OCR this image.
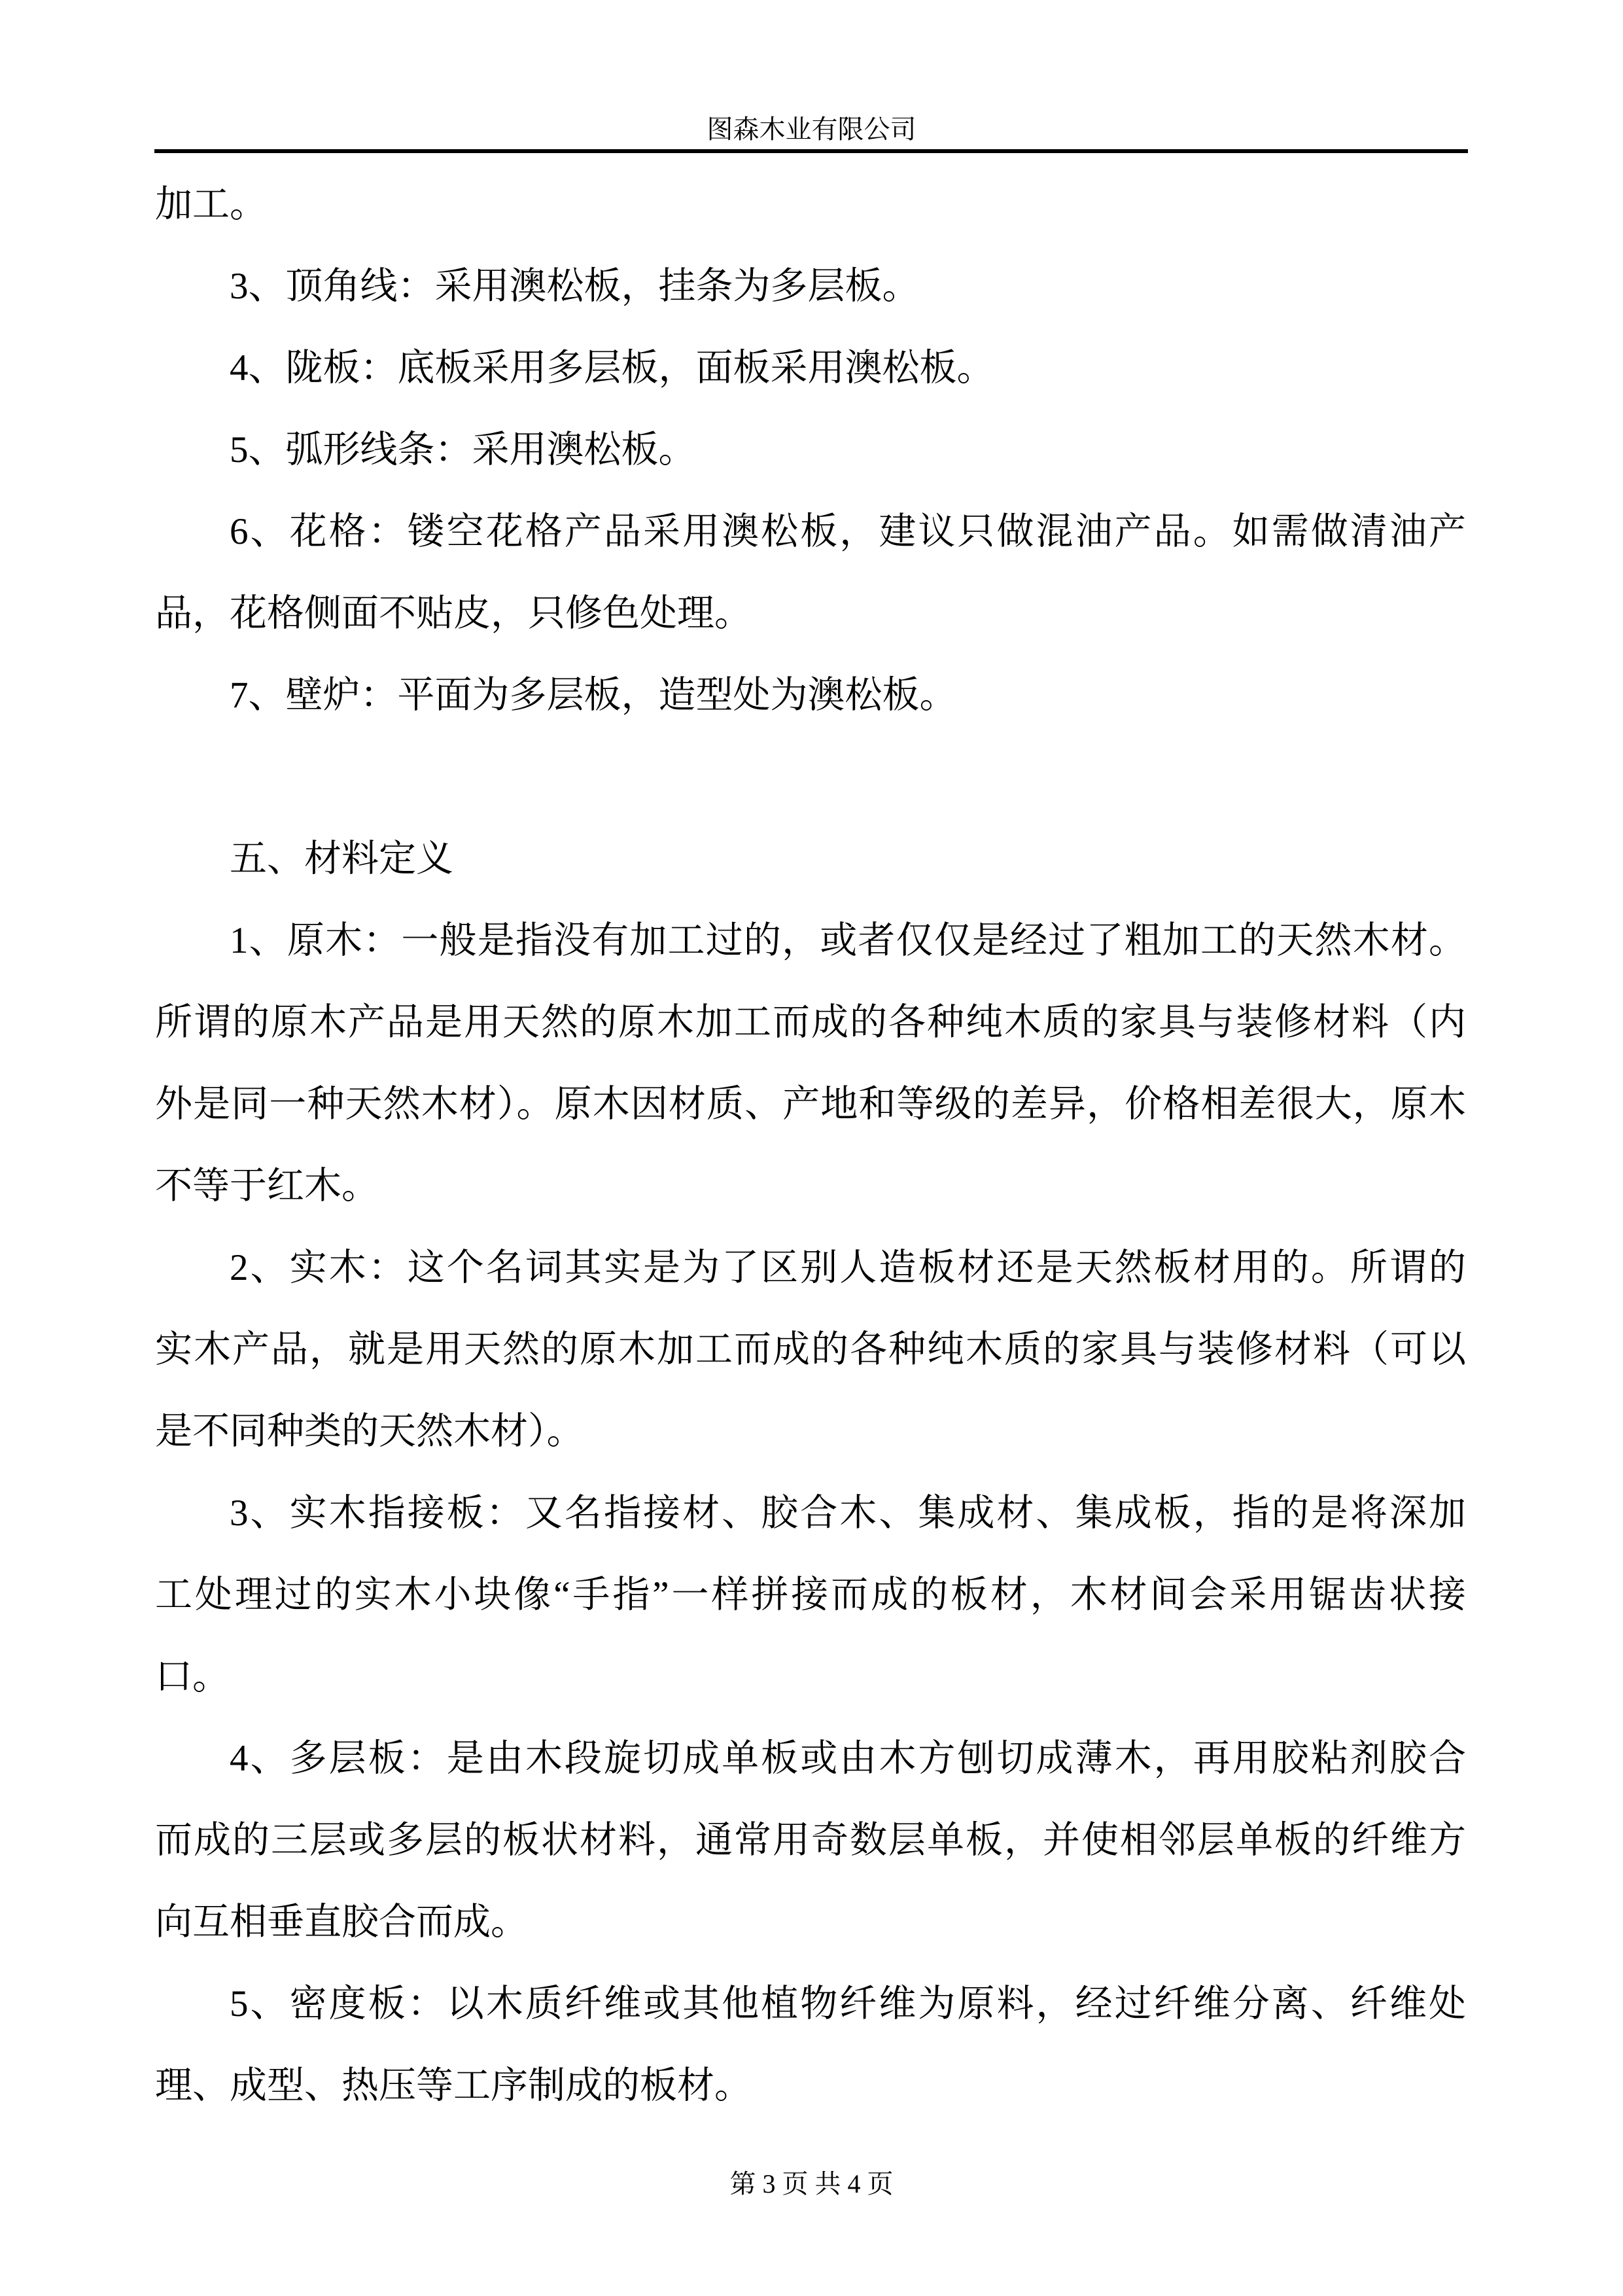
图森木业有限公司
加工。
3、顶角线：采用澳松板，挂条为多层板。
4、陇板：底板采用多层板，面板采用澳松板。
5、弧形线条：采用澳松板。
6、花格：镂空花格产品采用澳松板，建议只做混油产品。如需做清油产
品，花格侧面不贴皮，只修色处理。
7、壁炉：平面为多层板，造型处为澳松板。
五、材料定义
1、原木：一般是指没有加工过的，或者仅仅是经过了粗加工的天然木材。
所谓的原木产品是用天然的原木加工而成的各种纯木质的家具与装修材料（内
外是同一种天然木材）。原木因材质、产地和等级的差异，价格相差很大，原木
不等于红木。
2、实木：这个名词其实是为了区别人造板材还是天然板材用的。所谓的
实木产品，就是用天然的原木加工而成的各种纯木质的家具与装修材料（可以
是不同种类的天然木材）。
3、实木指接板：又名指接材、胶合木、集成材、集成板，指的是将深加
工处理过的实木小块像“手指”一样拼接而成的板材，木材间会采用锯齿状接
口。
4、多层板：是由木段旋切成单板或由木方刨切成薄木，再用胶粘剂胶合
而成的三层或多层的板状材料，通常用奇数层单板，并使相邻层单板的纤维方
向互相垂直胶合而成。
5、密度板：以木质纤维或其他植物纤维为原料，经过纤维分离、纤维处
理、成型、热压等工序制成的板材。
第 3 页 共 4 页
